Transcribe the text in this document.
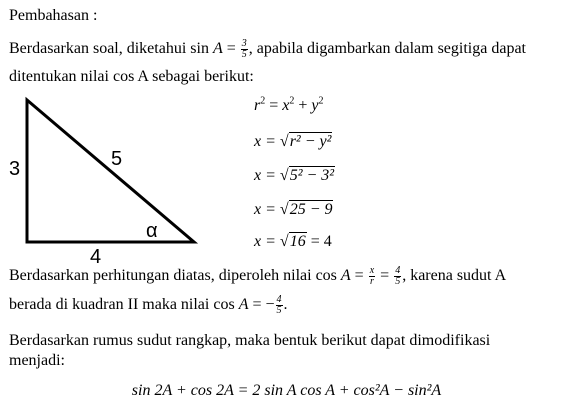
Pembahasan :
Berdasarkan soal, diketahui $\sin A = \frac{3}{5}$ , apabila digambarkan dalam segitiga dapat
ditentukan nilai cos A sebagai berikut:
3	5
4
α
$r^2 = x^2 + y^2$
x = √r² − y²
x = √5² − 3²
x = √25 − 9
x = √16 = 4
Berdasarkan perhitungan diatas, diperoleh nilai $\cos A = \frac{x}{r} = \frac{4}{5}$ , karena sudut A
berada di kuadran II maka nilai cos A = − $\frac{4}{5}$ .
Berdasarkan rumus sudut rangkap, maka bentuk berikut dapat dimodifikasi
menjadi:
sin 2A + cos 2A = 2 sin A cos A + cos²A − sin²A
